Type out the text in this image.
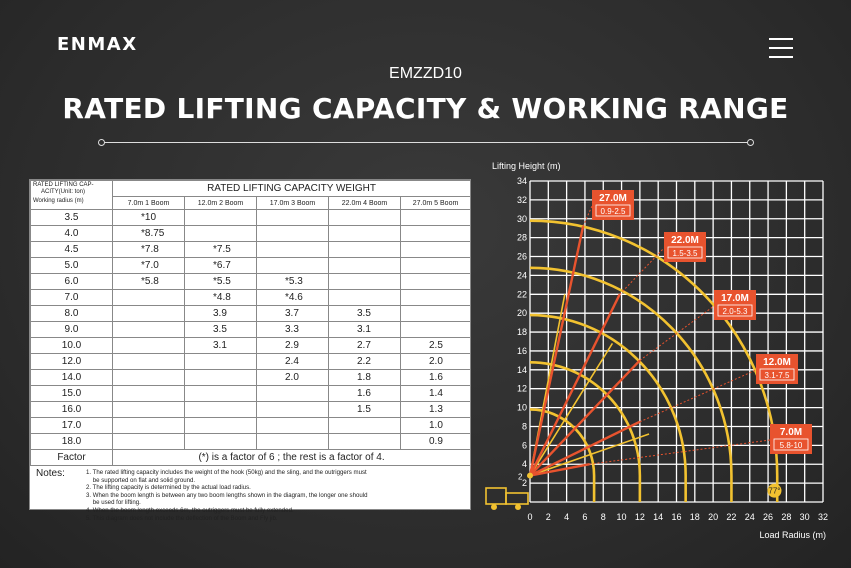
ENMAX
EMZZD10
RATED LIFTING CAPACITY & WORKING RANGE
RATED LIFTING CAP-
ACITY(Unit: ton)
Working radius (m)	RATED LIFTING CAPACITY WEIGHT				
	7.0m 1 Boom	12.0m 2 Boom	17.0m 3 Boom	22.0m 4 Boom	27.0m 5 Boom
3.5	*10				
4.0	*8.75				
4.5	*7.8	*7.5			
5.0	*7.0	*6.7			
6.0	*5.8	*5.5	*5.3		
7.0		*4.8	*4.6		
8.0		3.9	3.7	3.5	
9.0		3.5	3.3	3.1	
10.0		3.1	2.9	2.7	2.5
12.0			2.4	2.2	2.0
14.0			2.0	1.8	1.6
15.0				1.6	1.4
16.0				1.5	1.3
17.0					1.0
18.0					0.9
Factor	(*) is a factor of 6 ; the rest is a factor of 4.				
Notes:	1. The rated lifting capacity includes the weight of the hook (50kg) and the sling, and the outriggers must
be supported on flat and solid ground.
2. The lifting capacity is determined by the actual load radius.
3. When the boom length is between any two boom lengths shown in the diagram, the longer one should
be used for lifting.
4. When the boom length exceeds 6m, the outriggers must be fully extended.
5. This diagram does not include the deflection of the Boom and Fly jib.
Lifting Height (m)
Load Radius (m)
2
4
6
8
10
12
14
16
18
20
22
24
26
28
30
32
34
0 2 4 6 8 10 12 14 16 18 20 22 24 26 28 30 32
27.0M
0.9-2.5
22.0M
1.5-3.5
17.0M
2.0-5.3
12.0M
3.1-7.5
7.0M
5.8-10
77°
2
